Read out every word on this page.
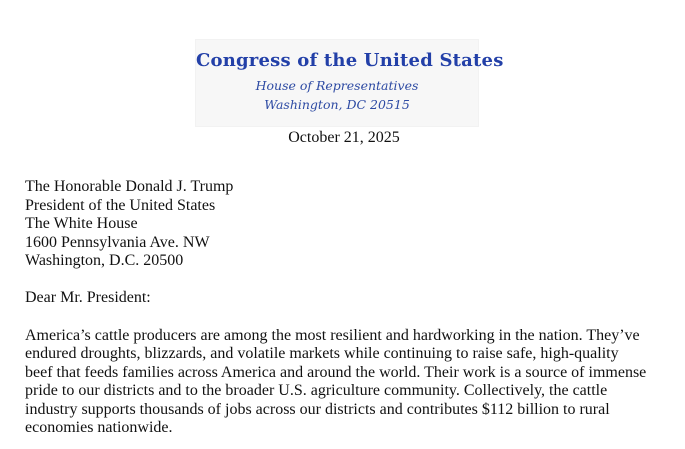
Congress of the United States
House of Representatives
Washington, DC 20515
October 21, 2025
The Honorable Donald J. Trump
President of the United States
The White House
1600 Pennsylvania Ave. NW
Washington, D.C. 20500
Dear Mr. President:
America’s cattle producers are among the most resilient and hardworking in the nation. They’ve
endured droughts, blizzards, and volatile markets while continuing to raise safe, high-quality
beef that feeds families across America and around the world. Their work is a source of immense
pride to our districts and to the broader U.S. agriculture community. Collectively, the cattle
industry supports thousands of jobs across our districts and contributes $112 billion to rural
economies nationwide.
